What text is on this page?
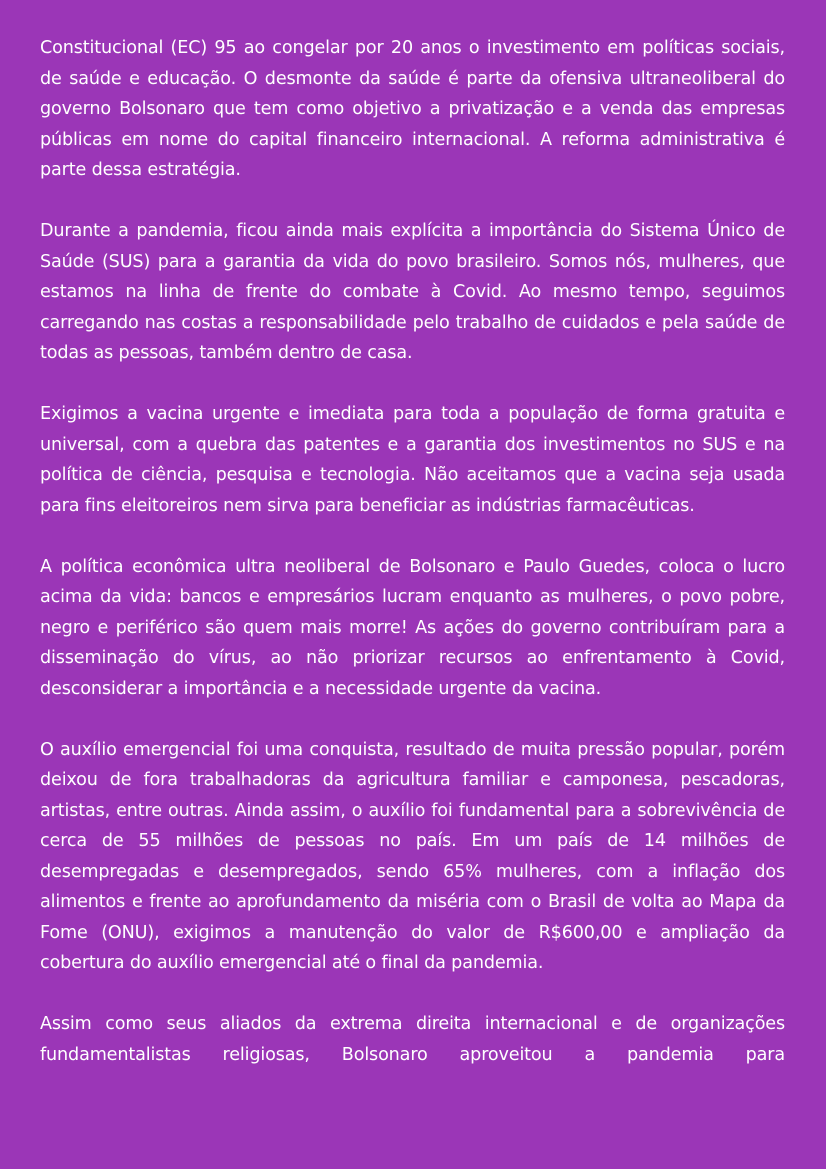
Constitucional (EC) 95 ao congelar por 20 anos o investimento em políticas sociais, de saúde e educação. O desmonte da saúde é parte da ofensiva ultraneoliberal do governo Bolsonaro que tem como objetivo a privatização e a venda das empresas públicas em nome do capital financeiro internacional. A reforma administrativa é parte dessa estratégia.

Durante a pandemia, ficou ainda mais explícita a importância do Sistema Único de Saúde (SUS) para a garantia da vida do povo brasileiro. Somos nós, mulheres, que estamos na linha de frente do combate à Covid. Ao mesmo tempo, seguimos carregando nas costas a responsabilidade pelo trabalho de cuidados e pela saúde de todas as pessoas, também dentro de casa.

Exigimos a vacina urgente e imediata para toda a população de forma gratuita e universal, com a quebra das patentes e a garantia dos investimentos no SUS e na política de ciência, pesquisa e tecnologia. Não aceitamos que a vacina seja usada para fins eleitoreiros nem sirva para beneficiar as indústrias farmacêuticas.

A política econômica ultra neoliberal de Bolsonaro e Paulo Guedes, coloca o lucro acima da vida: bancos e empresários lucram enquanto as mulheres, o povo pobre, negro e periférico são quem mais morre! As ações do governo contribuíram para a disseminação do vírus, ao não priorizar recursos ao enfrentamento à Covid, desconsiderar a importância e a necessidade urgente da vacina.

O auxílio emergencial foi uma conquista, resultado de muita pressão popular, porém deixou de fora trabalhadoras da agricultura familiar e camponesa, pescadoras, artistas, entre outras. Ainda assim, o auxílio foi fundamental para a sobrevivência de cerca de 55 milhões de pessoas no país. Em um país de 14 milhões de desempregadas e desempregados, sendo 65% mulheres, com a inflação dos alimentos e frente ao aprofundamento da miséria com o Brasil de volta ao Mapa da Fome (ONU), exigimos a manutenção do valor de R$600,00 e ampliação da cobertura do auxílio emergencial até o final da pandemia.

Assim como seus aliados da extrema direita internacional e de organizações fundamentalistas religiosas, Bolsonaro aproveitou a pandemia para
